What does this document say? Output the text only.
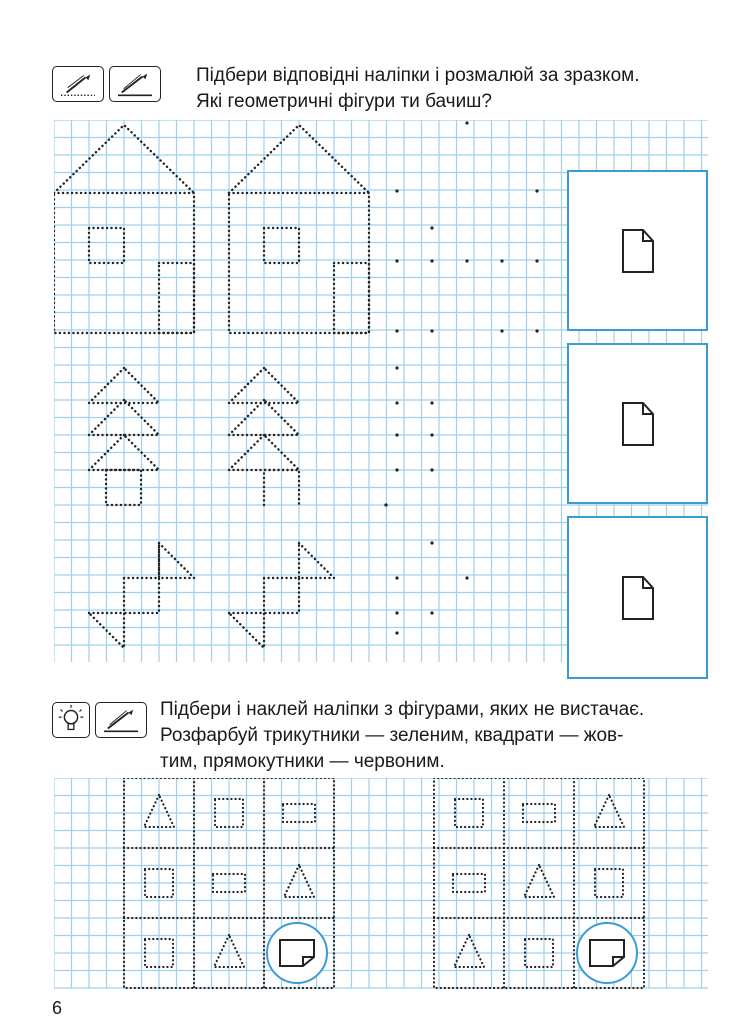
Підбери відповідні наліпки і розмалюй за зразком.
Які геометричні фігури ти бачиш?

Підбери і наклей наліпки з фігурами, яких не вистачає.
Розфарбуй трикутники — зеленим, квадрати — жов-
тим, прямокутники — червоним.

6
